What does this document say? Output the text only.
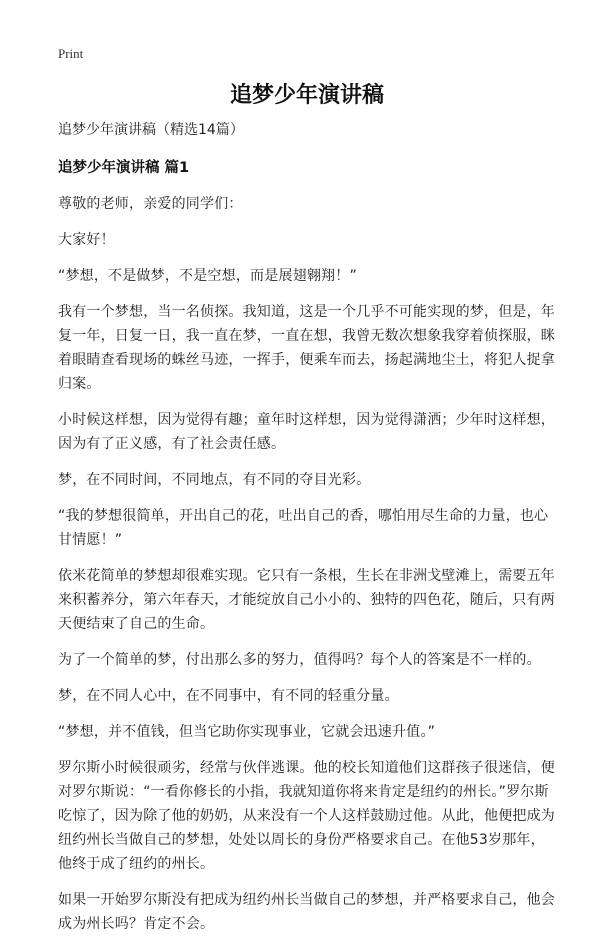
Print
追梦少年演讲稿

追梦少年演讲稿（精选14篇）

追梦少年演讲稿 篇1

尊敬的老师，亲爱的同学们：

大家好！

“梦想，不是做梦，不是空想，而是展翅翱翔！”

我有一个梦想，当一名侦探。我知道，这是一个几乎不可能实现的梦，但是，年复一年，日复一日，我一直在梦，一直在想，我曾无数次想象我穿着侦探服，眯着眼睛查看现场的蛛丝马迹，一挥手，便乘车而去，扬起满地尘土，将犯人捉拿归案。

小时候这样想，因为觉得有趣；童年时这样想，因为觉得潇洒；少年时这样想，因为有了正义感，有了社会责任感。

梦，在不同时间，不同地点，有不同的夺目光彩。

“我的梦想很简单，开出自己的花，吐出自己的香，哪怕用尽生命的力量，也心甘情愿！”

依米花简单的梦想却很难实现。它只有一条根，生长在非洲戈壁滩上，需要五年来积蓄养分，第六年春天，才能绽放自己小小的、独特的四色花，随后，只有两天便结束了自己的生命。

为了一个简单的梦，付出那么多的努力，值得吗？每个人的答案是不一样的。

梦，在不同人心中，在不同事中，有不同的轻重分量。

“梦想，并不值钱，但当它助你实现事业，它就会迅速升值。”

罗尔斯小时候很顽劣，经常与伙伴逃课。他的校长知道他们这群孩子很迷信，便对罗尔斯说：“一看你修长的小指，我就知道你将来肯定是纽约的州长。”罗尔斯吃惊了，因为除了他的奶奶，从来没有一个人这样鼓励过他。从此，他便把成为纽约州长当做自己的梦想，处处以周长的身份严格要求自己。在他53岁那年，他终于成了纽约的州长。

如果一开始罗尔斯没有把成为纽约州长当做自己的梦想，并严格要求自己，他会成为州长吗？肯定不会。
